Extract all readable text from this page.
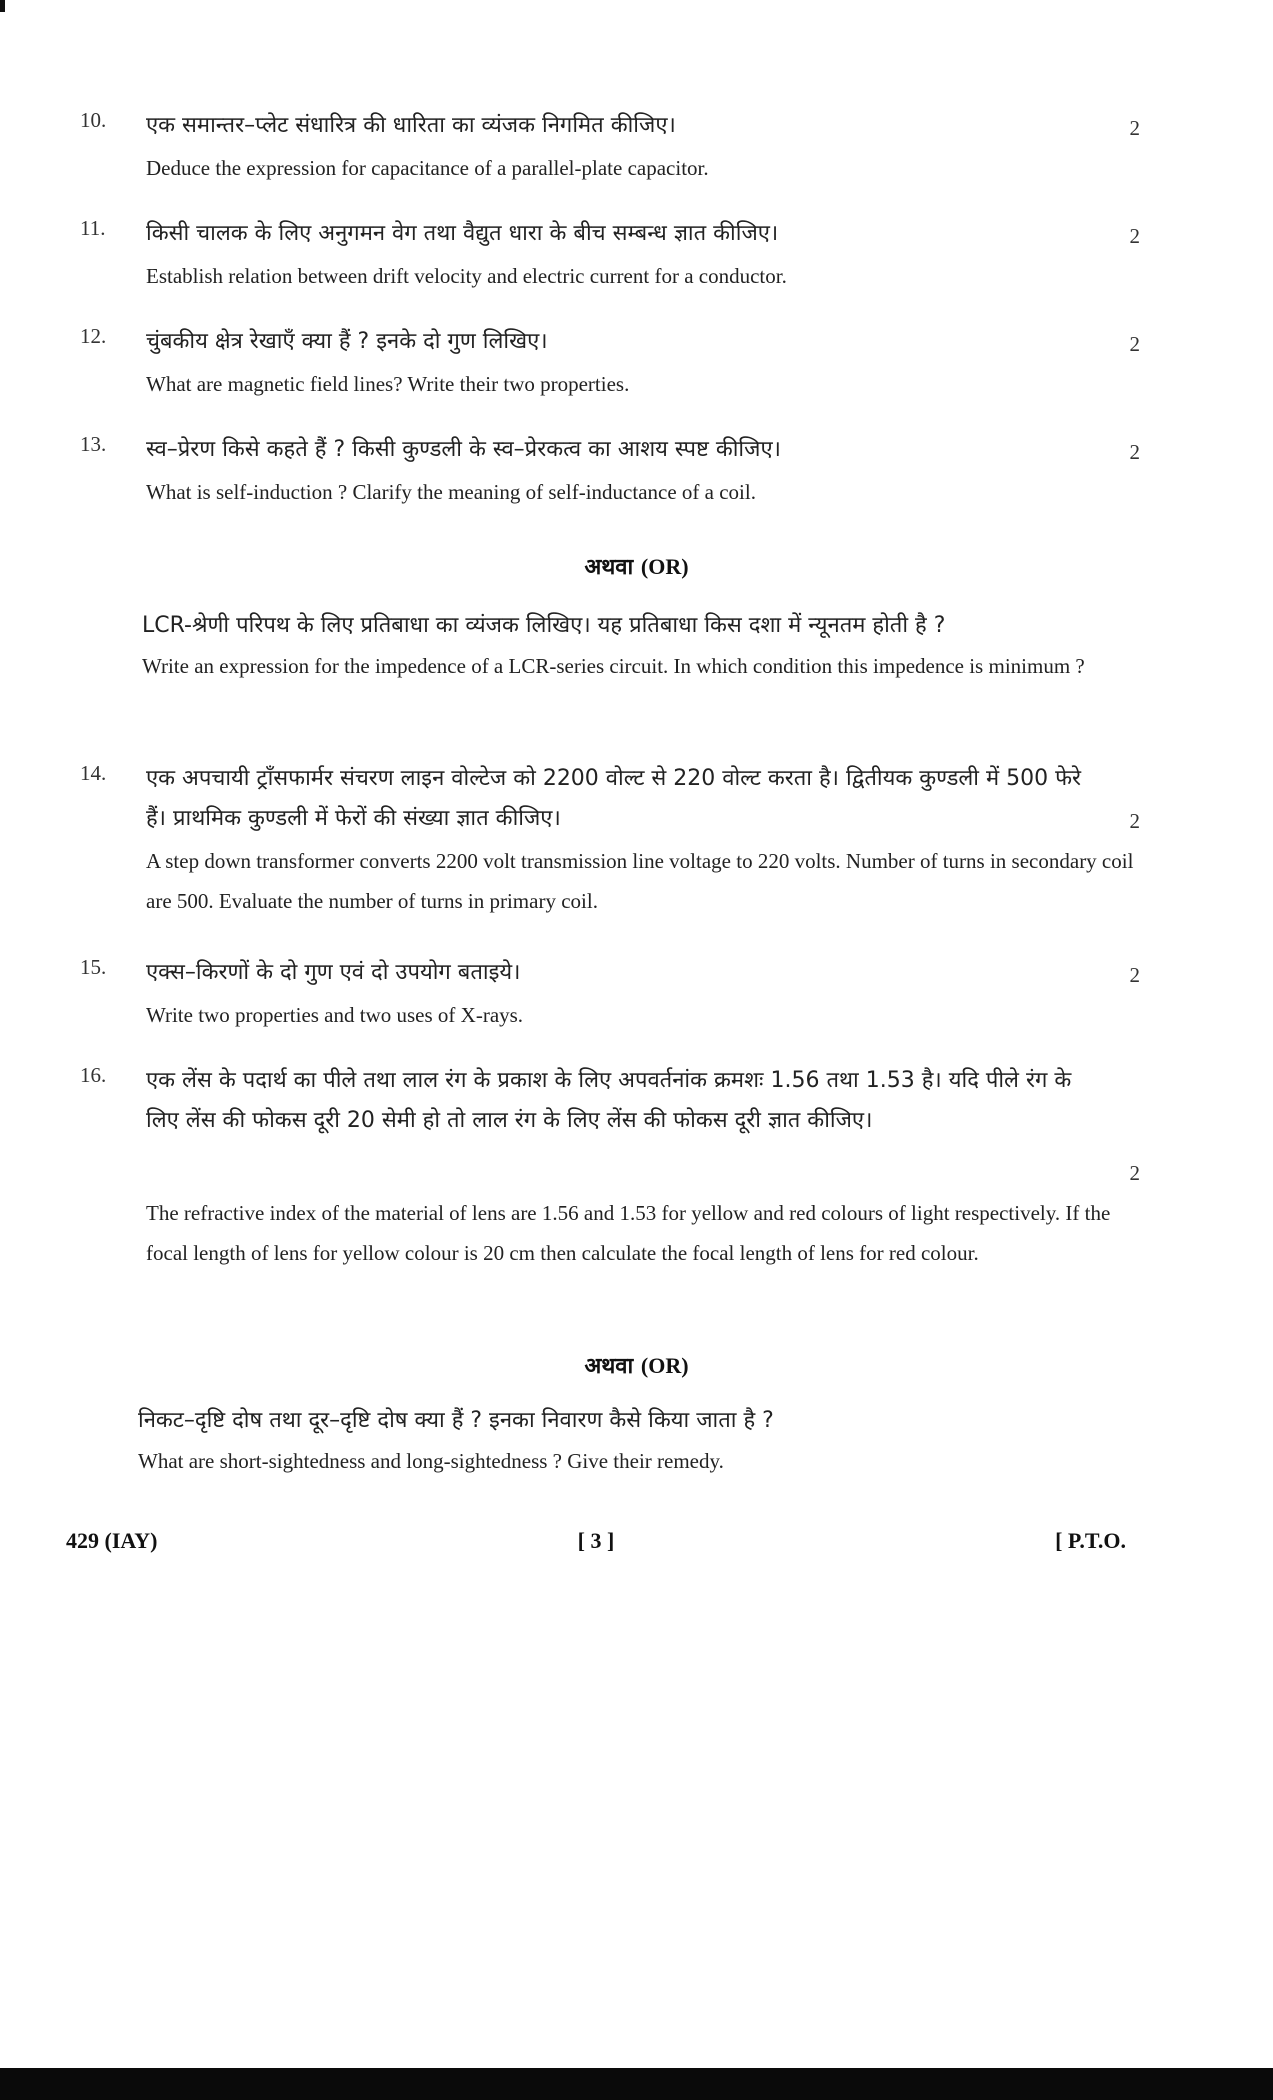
10. एक समान्तर–प्लेट संधारित्र की धारिता का व्यंजक निगमित कीजिए।
Deduce the expression for capacitance of a parallel-plate capacitor.
2
11. किसी चालक के लिए अनुगमन वेग तथा वैद्युत धारा के बीच सम्बन्ध ज्ञात कीजिए।
Establish relation between drift velocity and electric current for a conductor.
2
12. चुंबकीय क्षेत्र रेखाएँ क्या हैं ? इनके दो गुण लिखिए।
What are magnetic field lines? Write their two properties.
2
13. स्व–प्रेरण किसे कहते हैं ? किसी कुण्डली के स्व–प्रेरकत्व का आशय स्पष्ट कीजिए।
What is self-induction ? Clarify the meaning of self-inductance of a coil.
2
अथवा (OR)
LCR-श्रेणी परिपथ के लिए प्रतिबाधा का व्यंजक लिखिए। यह प्रतिबाधा किस दशा में न्यूनतम होती है ?
Write an expression for the impedence of a LCR-series circuit. In which condition this impedence is minimum ?
14. एक अपचायी ट्रॉंसफार्मर संचरण लाइन वोल्टेज को 2200 वोल्ट से 220 वोल्ट करता है। द्वितीयक कुण्डली में 500 फेरे हैं। प्राथमिक कुण्डली में फेरों की संख्या ज्ञात कीजिए।
A step down transformer converts 2200 volt transmission line voltage to 220 volts. Number of turns in secondary coil are 500. Evaluate the number of turns in primary coil.
2
15. एक्स–किरणों के दो गुण एवं दो उपयोग बताइये।
Write two properties and two uses of X-rays.
2
16. एक लेंस के पदार्थ का पीले तथा लाल रंग के प्रकाश के लिए अपवर्तनांक क्रमशः 1.56 तथा 1.53 है। यदि पीले रंग के लिए लेंस की फोकस दूरी 20 सेमी हो तो लाल रंग के लिए लेंस की फोकस दूरी ज्ञात कीजिए।
The refractive index of the material of lens are 1.56 and 1.53 for yellow and red colours of light respectively. If the focal length of lens for yellow colour is 20 cm then calculate the focal length of lens for red colour.
2
अथवा (OR)
निकट–दृष्टि दोष तथा दूर–दृष्टि दोष क्या हैं ? इनका निवारण कैसे किया जाता है ?
What are short-sightedness and long-sightedness ? Give their remedy.
429 (IAY)	[ 3 ]	[ P.T.O.
